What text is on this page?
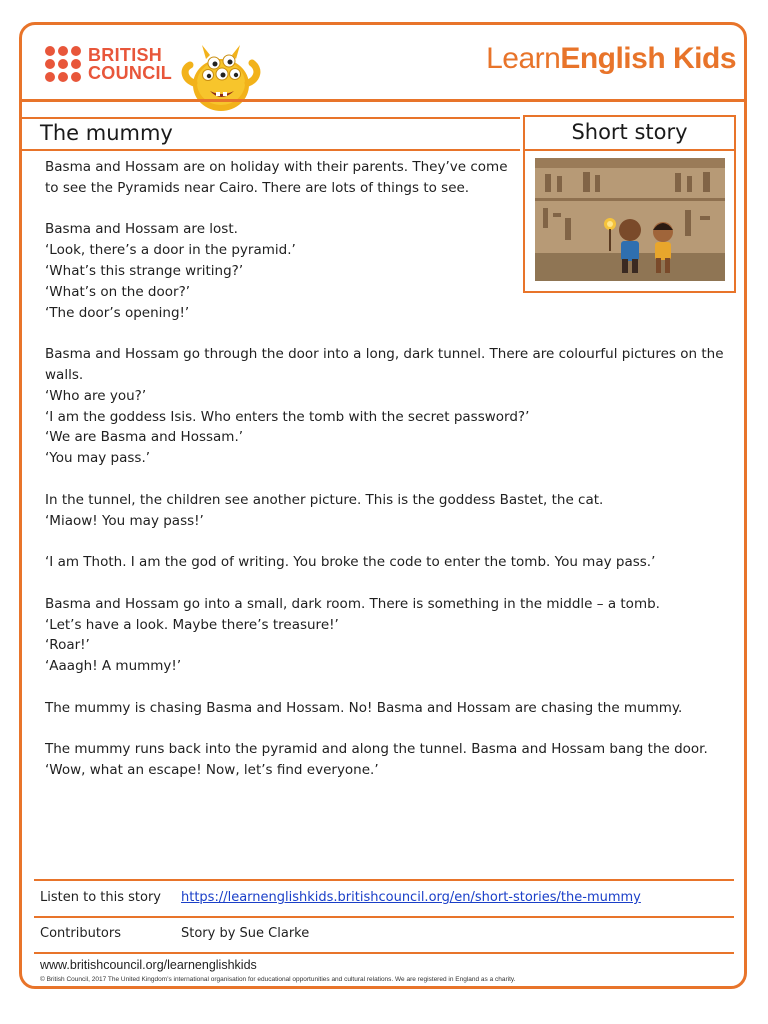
BRITISH
COUNCIL	LearnEnglish Kids
The mummy	Short story
Basma and Hossam are on holiday with their parents. They’ve come
to see the Pyramids near Cairo. There are lots of things to see.
Basma and Hossam are lost.
‘Look, there’s a door in the pyramid.’
‘What’s this strange writing?’
‘What’s on the door?’
‘The door’s opening!’
Basma and Hossam go through the door into a long, dark tunnel. There are colourful pictures on the
walls.
‘Who are you?’
‘I am the goddess Isis. Who enters the tomb with the secret password?’
‘We are Basma and Hossam.’
‘You may pass.’
In the tunnel, the children see another picture. This is the goddess Bastet, the cat.
‘Miaow! You may pass!’
‘I am Thoth. I am the god of writing. You broke the code to enter the tomb. You may pass.’
Basma and Hossam go into a small, dark room. There is something in the middle – a tomb.
‘Let’s have a look. Maybe there’s treasure!’
‘Roar!’
‘Aaagh! A mummy!’
The mummy is chasing Basma and Hossam. No! Basma and Hossam are chasing the mummy.
The mummy runs back into the pyramid and along the tunnel. Basma and Hossam bang the door.
‘Wow, what an escape! Now, let’s find everyone.’
Listen to this story https://learnenglishkids.britishcouncil.org/en/short-stories/the-mummy
Contributors	Story by Sue Clarke
www.britishcouncil.org/learnenglishkids
© British Council, 2017 The United Kingdom’s international organisation for educational opportunities and cultural relations. We are registered in England as a charity.
